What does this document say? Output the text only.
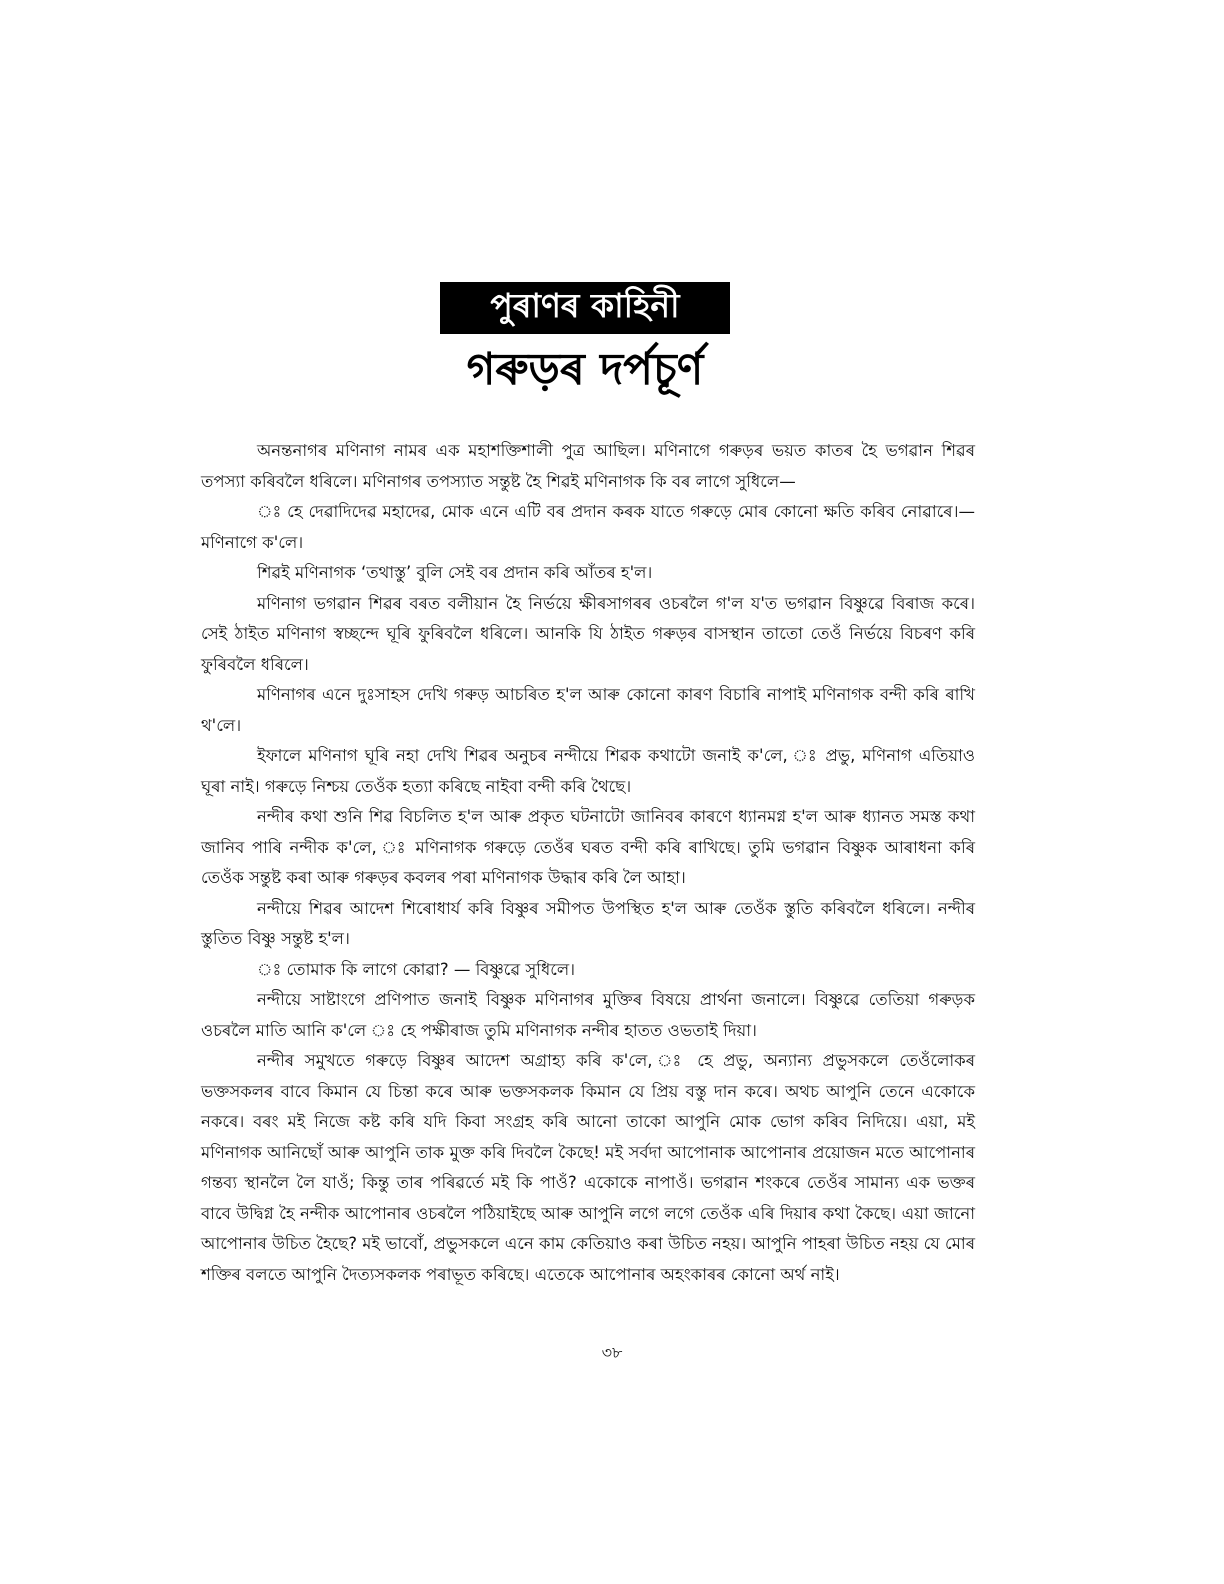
পুৰাণৰ কাহিনী
গৰুড়ৰ দৰ্পচূৰ্ণ

অনন্তনাগৰ মণিনাগ নামৰ এক মহাশক্তিশালী পুত্ৰ আছিল। মণিনাগে গৰুড়ৰ ভয়ত কাতৰ হৈ ভগৱান শিৱৰ তপস্যা কৰিবলৈ ধৰিলে। মণিনাগৰ তপস্যাত সন্তুষ্ট হৈ শিৱই মণিনাগক কি বৰ লাগে সুধিলে—

ঃ হে দেৱাদিদেৱ মহাদেৱ, মোক এনে এটি বৰ প্ৰদান কৰক যাতে গৰুড়ে মোৰ কোনো ক্ষতি কৰিব নোৱাৰে।— মণিনাগে ক'লে।

শিৱই মণিনাগক ‘তথাস্তু’ বুলি সেই বৰ প্ৰদান কৰি আঁতৰ হ'ল।

মণিনাগ ভগৱান শিৱৰ বৰত বলীয়ান হৈ নিৰ্ভয়ে ক্ষীৰসাগৰৰ ওচৰলৈ গ'ল য'ত ভগৱান বিষ্ণুৱে বিৰাজ কৰে। সেই ঠাইত মণিনাগ স্বচ্ছন্দে ঘূৰি ফুৰিবলৈ ধৰিলে। আনকি যি ঠাইত গৰুড়ৰ বাসস্থান তাতো তেওঁ নিৰ্ভয়ে বিচৰণ কৰি ফুৰিবলৈ ধৰিলে।

মণিনাগৰ এনে দুঃসাহস দেখি গৰুড় আচৰিত হ'ল আৰু কোনো কাৰণ বিচাৰি নাপাই মণিনাগক বন্দী কৰি ৰাখি থ'লে।

ইফালে মণিনাগ ঘূৰি নহা দেখি শিৱৰ অনুচৰ নন্দীয়ে শিৱক কথাটো জনাই ক'লে, ঃ প্ৰভু, মণিনাগ এতিয়াও ঘূৰা নাই। গৰুড়ে নিশ্চয় তেওঁক হত্যা কৰিছে নাইবা বন্দী কৰি থৈছে।

নন্দীৰ কথা শুনি শিৱ বিচলিত হ'ল আৰু প্ৰকৃত ঘটনাটো জানিবৰ কাৰণে ধ্যানমগ্ন হ'ল আৰু ধ্যানত সমস্ত কথা জানিব পাৰি নন্দীক ক'লে, ঃ মণিনাগক গৰুড়ে তেওঁৰ ঘৰত বন্দী কৰি ৰাখিছে। তুমি ভগৱান বিষ্ণুক আৰাধনা কৰি তেওঁক সন্তুষ্ট কৰা আৰু গৰুড়ৰ কবলৰ পৰা মণিনাগক উদ্ধাৰ কৰি লৈ আহা।

নন্দীয়ে শিৱৰ আদেশ শিৰোধাৰ্য কৰি বিষ্ণুৰ সমীপত উপস্থিত হ'ল আৰু তেওঁক স্তুতি কৰিবলৈ ধৰিলে। নন্দীৰ স্তুতিত বিষ্ণু সন্তুষ্ট হ'ল।

ঃ তোমাক কি লাগে কোৱা? — বিষ্ণুৱে সুধিলে।

নন্দীয়ে সাষ্টাংগে প্ৰণিপাত জনাই বিষ্ণুক মণিনাগৰ মুক্তিৰ বিষয়ে প্ৰাৰ্থনা জনালে। বিষ্ণুৱে তেতিয়া গৰুড়ক ওচৰলৈ মাতি আনি ক'লে ঃ হে পক্ষীৰাজ তুমি মণিনাগক নন্দীৰ হাতত ওভতাই দিয়া।

নন্দীৰ সমুখতে গৰুড়ে বিষ্ণুৰ আদেশ অগ্ৰাহ্য কৰি ক'লে, ঃ হে প্ৰভু, অন্যান্য প্ৰভুসকলে তেওঁলোকৰ ভক্তসকলৰ বাবে কিমান যে চিন্তা কৰে আৰু ভক্তসকলক কিমান যে প্ৰিয় বস্তু দান কৰে। অথচ আপুনি তেনে একোকে নকৰে। বৰং মই নিজে কষ্ট কৰি যদি কিবা সংগ্ৰহ কৰি আনো তাকো আপুনি মোক ভোগ কৰিব নিদিয়ে। এয়া, মই মণিনাগক আনিছোঁ আৰু আপুনি তাক মুক্ত কৰি দিবলৈ কৈছে! মই সৰ্বদা আপোনাক আপোনাৰ প্ৰয়োজন মতে আপোনাৰ গন্তব্য স্থানলৈ লৈ যাওঁ; কিন্তু তাৰ পৰিৱৰ্তে মই কি পাওঁ? একোকে নাপাওঁ। ভগৱান শংকৰে তেওঁৰ সামান্য এক ভক্তৰ বাবে উদ্বিগ্ন হৈ নন্দীক আপোনাৰ ওচৰলৈ পঠিয়াইছে আৰু আপুনি লগে লগে তেওঁক এৰি দিয়াৰ কথা কৈছে। এয়া জানো আপোনাৰ উচিত হৈছে? মই ভাবোঁ, প্ৰভুসকলে এনে কাম কেতিয়াও কৰা উচিত নহয়। আপুনি পাহৰা উচিত নহয় যে মোৰ শক্তিৰ বলতে আপুনি দৈত্যসকলক পৰাভূত কৰিছে। এতেকে আপোনাৰ অহংকাৰৰ কোনো অৰ্থ নাই।

৩৮
